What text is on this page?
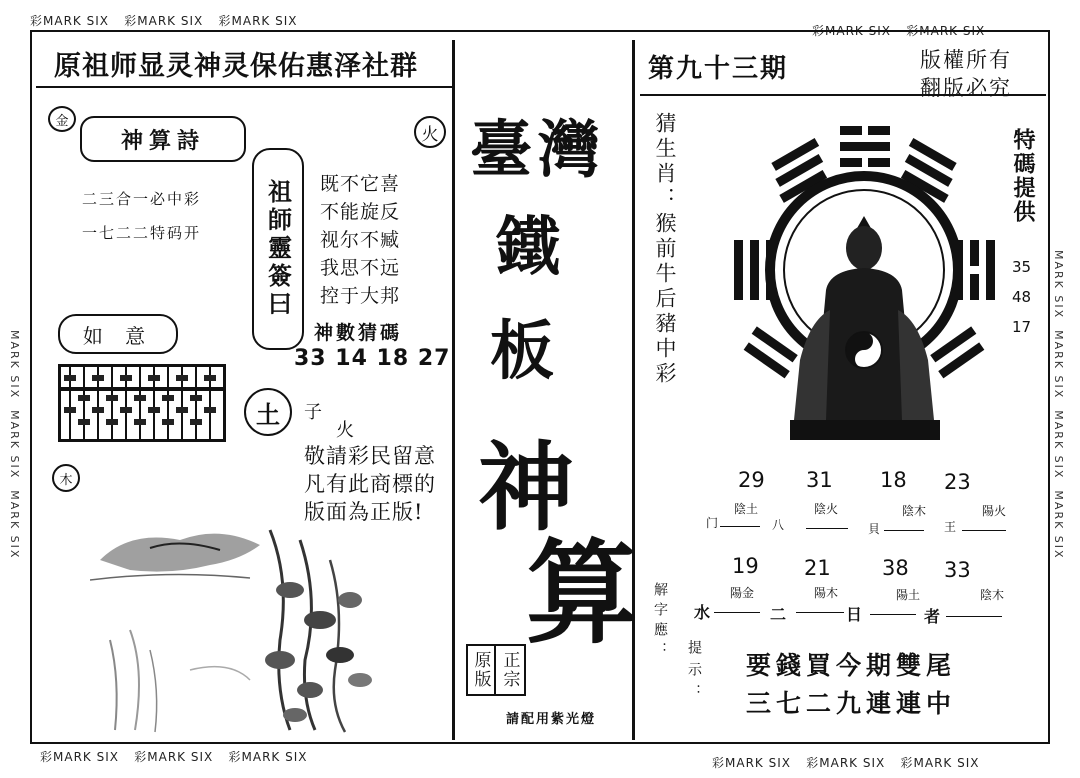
彩MARK SIX 彩MARK SIX 彩MARK SIX
彩MARK SIX 彩MARK SIX
彩MARK SIX 彩MARK SIX 彩MARK SIX	彩MARK SIX 彩MARK SIX 彩MARK SIX
MARK SIX  MARK SIX  MARK SIX  MARK SIX
MARK SIX  MARK SIX  MARK SIX
原祖师显灵神灵保佑惠泽社群
金
神算詩	火
二三合一必中彩
一七二二特码开	祖師靈簽曰 既不它喜
不能旋反
视尔不臧
我思不远
控于大邦
神數猜碼
33 14 18 27
如 意
土	子
火
敬請彩民留意
凡有此商標的
版面為正版!
木
臺灣
鐵
板
神
算
原版 正宗
請配用紫光燈
第九十三期	版權所有
翻版必究
猜生肖：猴前牛后豬中彩	特碼提供
35
48
17
29 31 18 23
陰土	陰火	陰木	陽火
门	八	貝	王
19 21 38 33
陽金	陽木	陽土	陰木
水	二	日	者
解字應：
提示： 要錢買今期雙尾
三七二九連連中
